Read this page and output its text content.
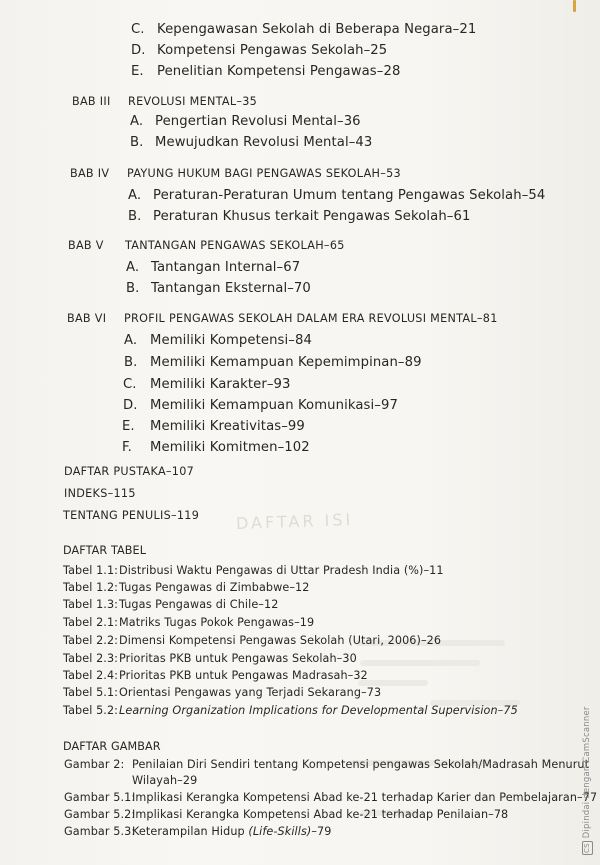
DAFTAR ISI
C. Kepengawasan Sekolah di Beberapa Negara–21
D. Kompetensi Pengawas Sekolah–25
E. Penelitian Kompetensi Pengawas–28
BAB III REVOLUSI MENTAL–35
A. Pengertian Revolusi Mental–36
B. Mewujudkan Revolusi Mental–43
BAB IV PAYUNG HUKUM BAGI PENGAWAS SEKOLAH–53
A. Peraturan-Peraturan Umum tentang Pengawas Sekolah–54
B. Peraturan Khusus terkait Pengawas Sekolah–61
BAB V TANTANGAN PENGAWAS SEKOLAH–65
A. Tantangan Internal–67
B. Tantangan Eksternal–70
BAB VI PROFIL PENGAWAS SEKOLAH DALAM ERA REVOLUSI MENTAL–81
A. Memiliki Kompetensi–84
B. Memiliki Kemampuan Kepemimpinan–89
C. Memiliki Karakter–93
D. Memiliki Kemampuan Komunikasi–97
E. Memiliki Kreativitas–99
F. Memiliki Komitmen–102
DAFTAR PUSTAKA–107
INDEKS–115
TENTANG PENULIS–119
DAFTAR TABEL
Tabel 1.1:Distribusi Waktu Pengawas di Uttar Pradesh India (%)–11
Tabel 1.2:Tugas Pengawas di Zimbabwe–12
Tabel 1.3:Tugas Pengawas di Chile–12
Tabel 2.1:Matriks Tugas Pokok Pengawas–19
Tabel 2.2:Dimensi Kompetensi Pengawas Sekolah (Utari, 2006)–26
Tabel 2.3:Prioritas PKB untuk Pengawas Sekolah–30
Tabel 2.4:Prioritas PKB untuk Pengawas Madrasah–32
Tabel 5.1:Orientasi Pengawas yang Terjadi Sekarang–73
Tabel 5.2:Learning Organization Implications for Developmental Supervision–75
DAFTAR GAMBAR
Gambar 2: Penilaian Diri Sendiri tentang Kompetensi pengawas Sekolah/Madrasah Menurut
Wilayah–29
Gambar 5.1:Implikasi Kerangka Kompetensi Abad ke-21 terhadap Karier dan Pembelajaran–77
Gambar 5.2:Implikasi Kerangka Kompetensi Abad ke-21 terhadap Penilaian–78
Gambar 5.3:Keterampilan Hidup (Life-Skills)–79
CSDipindai dengan CamScanner
